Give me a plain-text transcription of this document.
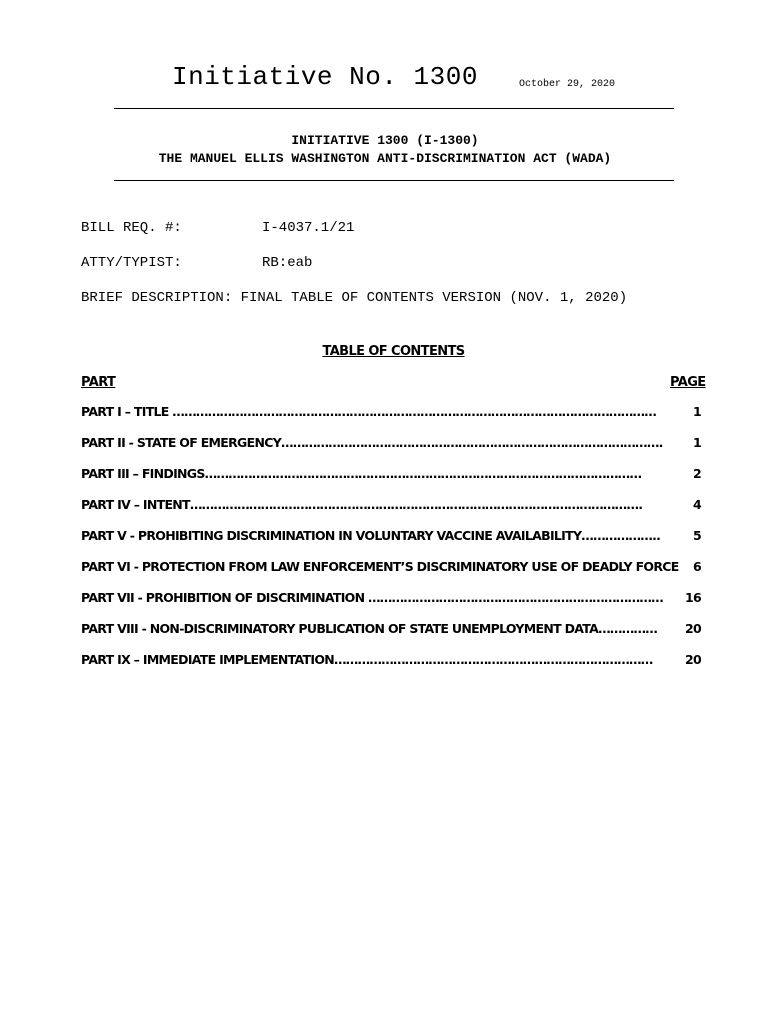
Initiative No. 1300	October 29, 2020
INITIATIVE 1300 (I-1300)
THE MANUEL ELLIS WASHINGTON ANTI-DISCRIMINATION ACT (WADA)
BILL REQ. #:	I-4037.1/21
ATTY/TYPIST:	RB:eab
BRIEF DESCRIPTION: FINAL TABLE OF CONTENTS VERSION (NOV. 1, 2020)
TABLE OF CONTENTS
PART	PAGE
PART I – TITLE ……………………………………………………………………………………………………………	1
PART II - STATE OF EMERGENCY…………………………………………………………………………………….	1
PART III – FINDINGS…………………………………………………………………………………………………	2
PART IV – INTENT…………………………………………………………………………………………………….	4
PART V - PROHIBITING DISCRIMINATION IN VOLUNTARY VACCINE AVAILABILITY………………..	5
PART VI - PROTECTION FROM LAW ENFORCEMENT’S DISCRIMINATORY USE OF DEADLY FORCE	6
PART VII - PROHIBITION OF DISCRIMINATION …………………………………………………………………	16
PART VIII - NON-DISCRIMINATORY PUBLICATION OF STATE UNEMPLOYMENT DATA……………	20
PART IX – IMMEDIATE IMPLEMENTATION………………………………………………………………………	20
